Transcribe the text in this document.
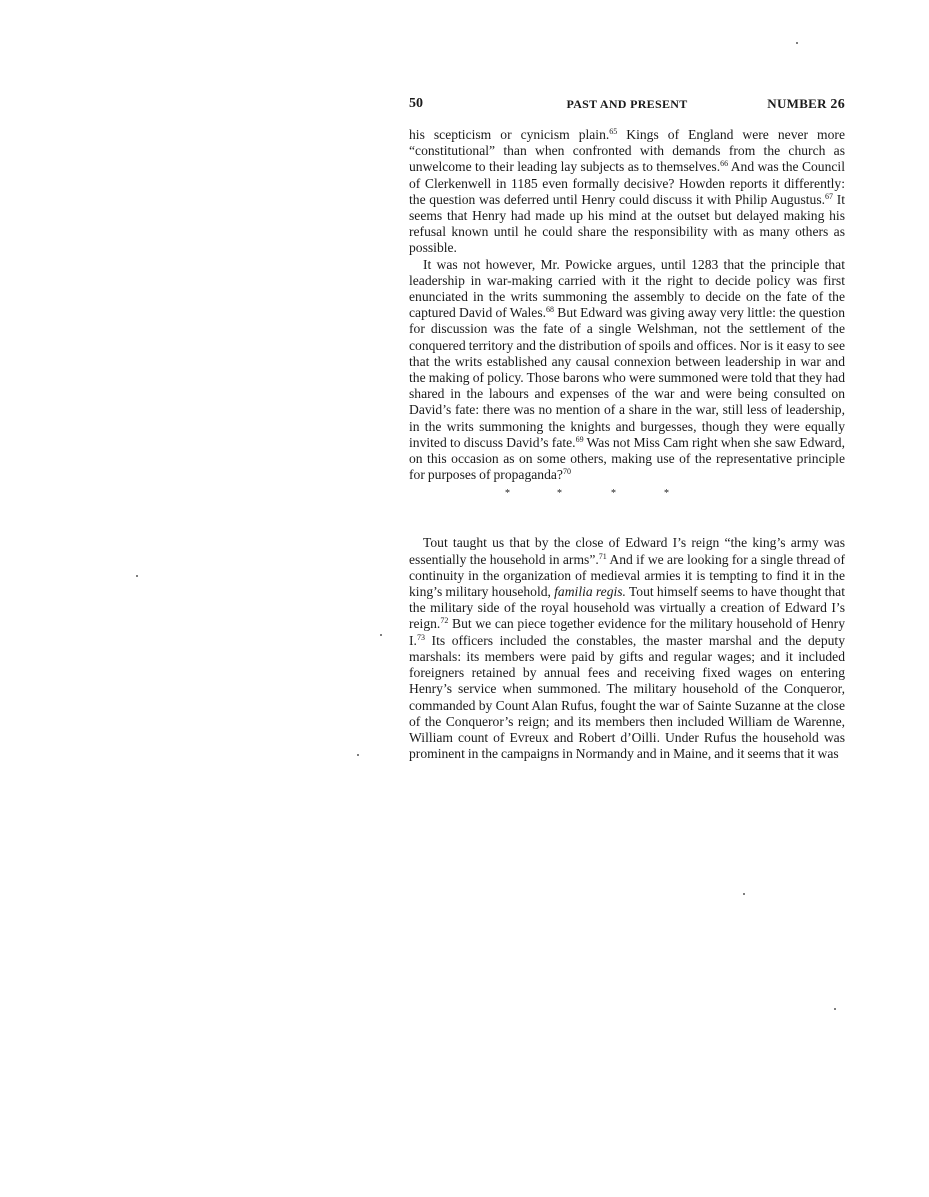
50	PAST AND PRESENT	NUMBER 26

his scepticism or cynicism plain.$^{65}$ Kings of England were never more “constitutional” than when confronted with demands from the church as unwelcome to their leading lay subjects as to themselves.$^{66}$ And was the Council of Clerkenwell in 1185 even formally decisive? Howden reports it differently: the question was deferred until Henry could discuss it with Philip Augustus.$^{67}$ It seems that Henry had made up his mind at the outset but delayed making his refusal known until he could share the responsibility with as many others as possible.

It was not however, Mr. Powicke argues, until 1283 that the principle that leadership in war-making carried with it the right to decide policy was first enunciated in the writs summoning the assembly to decide on the fate of the captured David of Wales.$^{68}$ But Edward was giving away very little: the question for discussion was the fate of a single Welshman, not the settlement of the conquered territory and the distribution of spoils and offices. Nor is it easy to see that the writs established any causal connexion between leadership in war and the making of policy. Those barons who were summoned were told that they had shared in the labours and expenses of the war and were being consulted on David’s fate: there was no mention of a share in the war, still less of leadership, in the writs summoning the knights and burgesses, though they were equally invited to discuss David’s fate.$^{69}$ Was not Miss Cam right when she saw Edward, on this occasion as on some others, making use of the representative principle for purposes of propaganda?$^{70}$

*	*	*	*

Tout taught us that by the close of Edward I’s reign “the king’s army was essentially the household in arms”.$^{71}$ And if we are looking for a single thread of continuity in the organization of medieval armies it is tempting to find it in the king’s military household, familia regis. Tout himself seems to have thought that the military side of the royal household was virtually a creation of Edward I’s reign.$^{72}$ But we can piece together evidence for the military household of Henry I.$^{73}$ Its officers included the constables, the master marshal and the deputy marshals: its members were paid by gifts and regular wages; and it included foreigners retained by annual fees and receiving fixed wages on entering Henry’s service when summoned. The military household of the Conqueror, commanded by Count Alan Rufus, fought the war of Sainte Suzanne at the close of the Conqueror’s reign; and its members then included William de Warenne, William count of Evreux and Robert d’Oilli. Under Rufus the household was prominent in the campaigns in Normandy and in Maine, and it seems that it was
